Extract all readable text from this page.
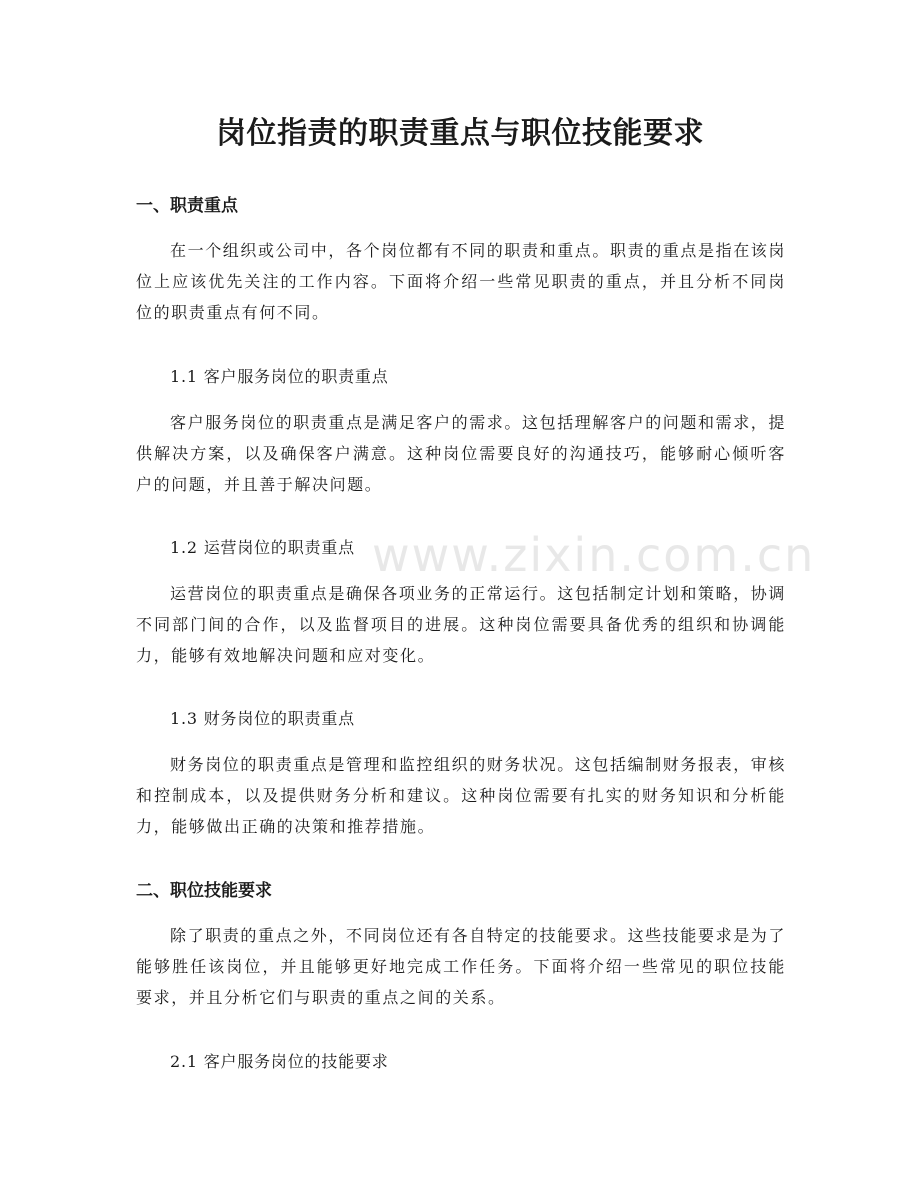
www.zixin.com.cn
岗位指责的职责重点与职位技能要求
一、职责重点

在一个组织或公司中，各个岗位都有不同的职责和重点。职责的重点是指在该岗位上应该优先关注的工作内容。下面将介绍一些常见职责的重点，并且分析不同岗位的职责重点有何不同。

1.1 客户服务岗位的职责重点

客户服务岗位的职责重点是满足客户的需求。这包括理解客户的问题和需求，提供解决方案，以及确保客户满意。这种岗位需要良好的沟通技巧，能够耐心倾听客户的问题，并且善于解决问题。

1.2 运营岗位的职责重点

运营岗位的职责重点是确保各项业务的正常运行。这包括制定计划和策略，协调不同部门间的合作，以及监督项目的进展。这种岗位需要具备优秀的组织和协调能力，能够有效地解决问题和应对变化。

1.3 财务岗位的职责重点

财务岗位的职责重点是管理和监控组织的财务状况。这包括编制财务报表，审核和控制成本，以及提供财务分析和建议。这种岗位需要有扎实的财务知识和分析能力，能够做出正确的决策和推荐措施。

二、职位技能要求

除了职责的重点之外，不同岗位还有各自特定的技能要求。这些技能要求是为了能够胜任该岗位，并且能够更好地完成工作任务。下面将介绍一些常见的职位技能要求，并且分析它们与职责的重点之间的关系。

2.1 客户服务岗位的技能要求
